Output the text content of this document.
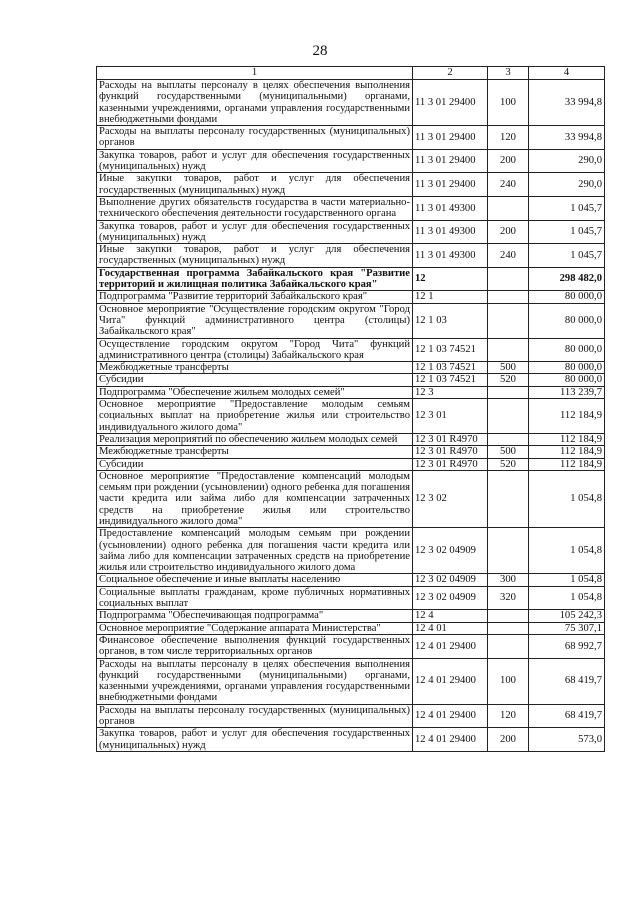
28
1	2	3	4
Расходы на выплаты персоналу в целях обеспечения выполнения функций государственными (муниципальными) органами, казенными учреждениями, органами управления государственными внебюджетными фондами	11 3 01 29400	100	33 994,8
Расходы на выплаты персоналу государственных (муниципальных) органов	11 3 01 29400	120	33 994,8
Закупка товаров, работ и услуг для обеспечения государственных (муниципальных) нужд	11 3 01 29400	200	290,0
Иные закупки товаров, работ и услуг для обеспечения государственных (муниципальных) нужд	11 3 01 29400	240	290,0
Выполнение других обязательств государства в части материально-технического обеспечения деятельности государственного органа	11 3 01 49300		1 045,7
Закупка товаров, работ и услуг для обеспечения государственных (муниципальных) нужд	11 3 01 49300	200	1 045,7
Иные закупки товаров, работ и услуг для обеспечения государственных (муниципальных) нужд	11 3 01 49300	240	1 045,7
Государственная программа Забайкальского края "Развитие территорий и жилищная политика Забайкальского края"	12		298 482,0
Подпрограмма "Развитие территорий Забайкальского края"	12 1		80 000,0
Основное мероприятие "Осуществление городским округом "Город Чита" функций административного центра (столицы) Забайкальского края"	12 1 03		80 000,0
Осуществление городским округом "Город Чита" функций административного центра (столицы) Забайкальского края	12 1 03 74521		80 000,0
Межбюджетные трансферты	12 1 03 74521	500	80 000,0
Субсидии	12 1 03 74521	520	80 000,0
Подпрограмма "Обеспечение жильем молодых семей"	12 3		113 239,7
Основное мероприятие "Предоставление молодым семьям социальных выплат на приобретение жилья или строительство индивидуального жилого дома"	12 3 01		112 184,9
Реализация мероприятий по обеспечению жильем молодых семей	12 3 01 R4970		112 184,9
Межбюджетные трансферты	12 3 01 R4970	500	112 184,9
Субсидии	12 3 01 R4970	520	112 184,9
Основное мероприятие "Предоставление компенсаций молодым семьям при рождении (усыновлении) одного ребенка для погашения части кредита или займа либо для компенсации затраченных средств на приобретение жилья или строительство индивидуального жилого дома"	12 3 02		1 054,8
Предоставление компенсаций молодым семьям при рождении (усыновлении) одного ребенка для погашения части кредита или займа либо для компенсации затраченных средств на приобретение жилья или строительство индивидуального жилого дома	12 3 02 04909		1 054,8
Социальное обеспечение и иные выплаты населению	12 3 02 04909	300	1 054,8
Социальные выплаты гражданам, кроме публичных нормативных социальных выплат	12 3 02 04909	320	1 054,8
Подпрограмма "Обеспечивающая подпрограмма"	12 4		105 242,3
Основное мероприятие "Содержание аппарата Министерства"	12 4 01		75 307,1
Финансовое обеспечение выполнения функций государственных органов, в том числе территориальных органов	12 4 01 29400		68 992,7
Расходы на выплаты персоналу в целях обеспечения выполнения функций государственными (муниципальными) органами, казенными учреждениями, органами управления государственными внебюджетными фондами	12 4 01 29400	100	68 419,7
Расходы на выплаты персоналу государственных (муниципальных) органов	12 4 01 29400	120	68 419,7
Закупка товаров, работ и услуг для обеспечения государственных (муниципальных) нужд	12 4 01 29400	200	573,0
